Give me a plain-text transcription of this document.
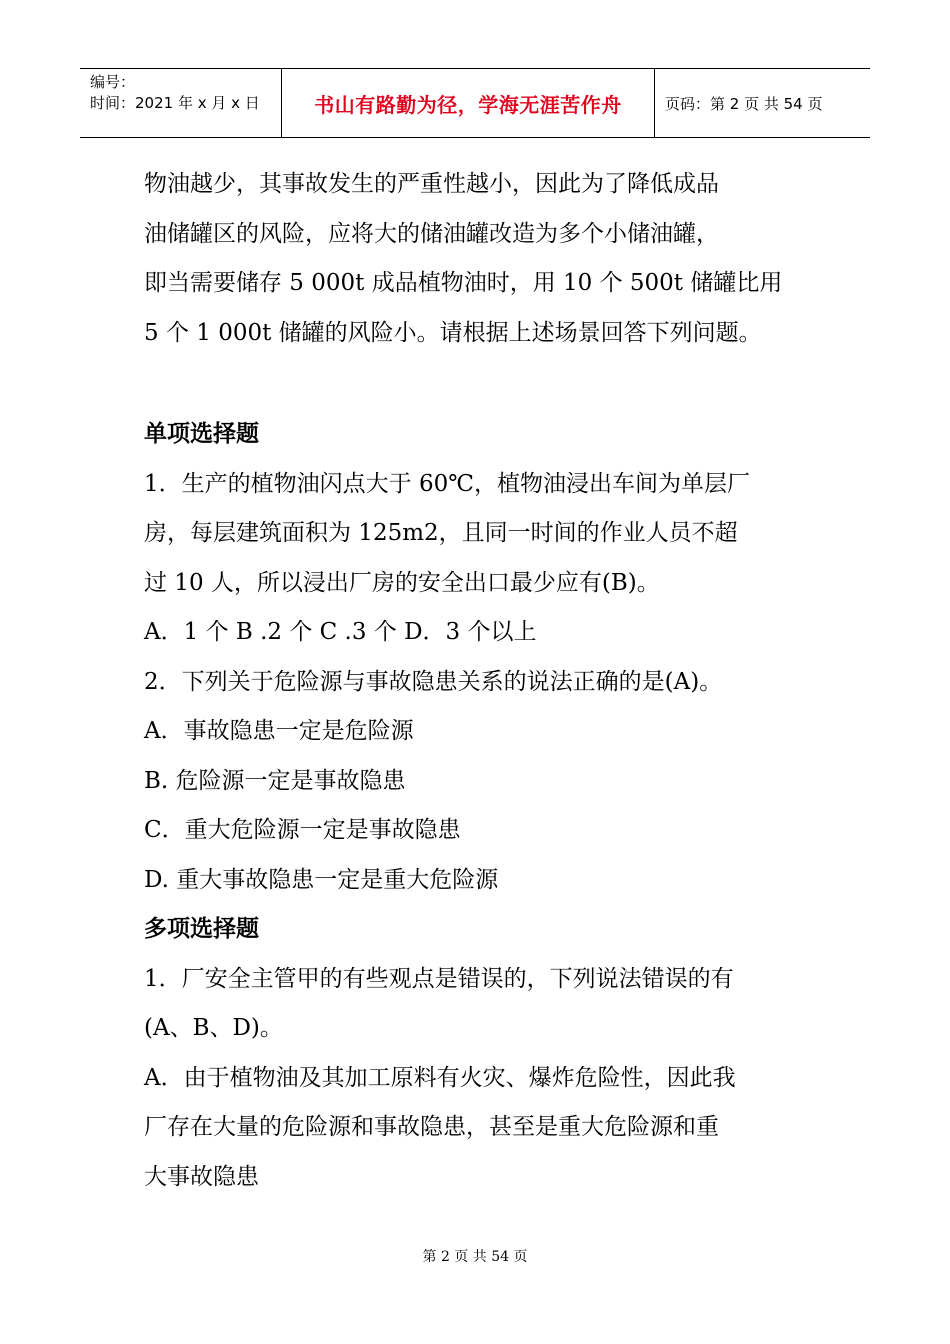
编号：
时间：2021 年 x 月 x 日	书山有路勤为径，学海无涯苦作舟	页码：第 2 页 共 54 页
物油越少，其事故发生的严重性越小，因此为了降低成品
油储罐区的风险，应将大的储油罐改造为多个小储油罐，
即当需要储存 5 000t 成品植物油时，用 10 个 500t 储罐比用
5 个 1 000t 储罐的风险小。请根据上述场景回答下列问题。
单项选择题
1．生产的植物油闪点大于 60℃，植物油浸出车间为单层厂
房，每层建筑面积为 125m2，且同一时间的作业人员不超
过 10 人，所以浸出厂房的安全出口最少应有(B)。
A．1 个 B .2 个 C .3 个 D．3 个以上
2．下列关于危险源与事故隐患关系的说法正确的是(A)。
A．事故隐患一定是危险源
B. 危险源一定是事故隐患
C．重大危险源一定是事故隐患
D. 重大事故隐患一定是重大危险源
多项选择题
1．厂安全主管甲的有些观点是错误的，下列说法错误的有
(A、B、D)。
A．由于植物油及其加工原料有火灾、爆炸危险性，因此我
厂存在大量的危险源和事故隐患，甚至是重大危险源和重
大事故隐患
第 2 页 共 54 页
